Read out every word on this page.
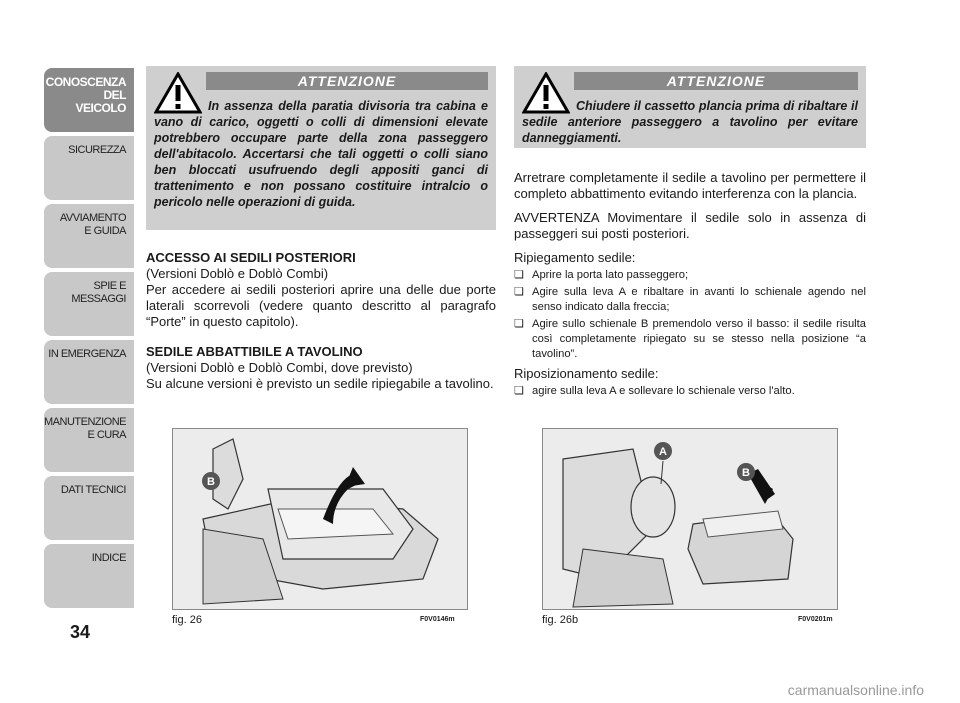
CONOSCENZA
DEL
VEICOLO
SICUREZZA
AVVIAMENTO
E GUIDA
SPIE E
MESSAGGI
IN EMERGENZA
MANUTENZIONE
E CURA
DATI TECNICI
INDICE
34
ATTENZIONE
In assenza della paratia divisoria tra cabina e vano di carico, oggetti o colli di dimensioni elevate potrebbero occupare parte della zona passeggero dell'abitacolo. Accertarsi che tali oggetti o colli siano ben bloccati usufruendo degli appositi ganci di trattenimento e non possano costituire intralcio o pericolo nelle operazioni di guida.
ATTENZIONE
Chiudere il cassetto plancia prima di ribaltare il sedile anteriore passeggero a tavolino per evitare danneggiamenti.

ACCESSO AI SEDILI POSTERIORI

(Versioni Doblò e Doblò Combi)

Per accedere ai sedili posteriori aprire una delle due porte laterali scorrevoli (vedere quanto descritto al paragrafo “Porte” in questo capitolo).

SEDILE ABBATTIBILE A TAVOLINO

(Versioni Doblò e Doblò Combi, dove previsto)

Su alcune versioni è previsto un sedile ripiegabile a tavolino.

Arretrare completamente il sedile a tavolino per permettere il completo abbattimento evitando interferenza con la plancia.

AVVERTENZA Movimentare il sedile solo in assenza di passeggeri sui posti posteriori.

Ripiegamento sedile:

❏ Aprire la porta lato passeggero;
❏ Agire sulla leva A e ribaltare in avanti lo schienale agendo nel senso indicato dalla freccia;
❏ Agire sullo schienale B premendolo verso il basso: il sedile risulta così completamente ripiegato su se stesso nella posizione “a tavolino”.

Riposizionamento sedile:

❏ agire sulla leva A e sollevare lo schienale verso l'alto.
B
fig. 26	F0V0146m
A
B
fig. 26b	F0V0201m
carmanualsonline.info
